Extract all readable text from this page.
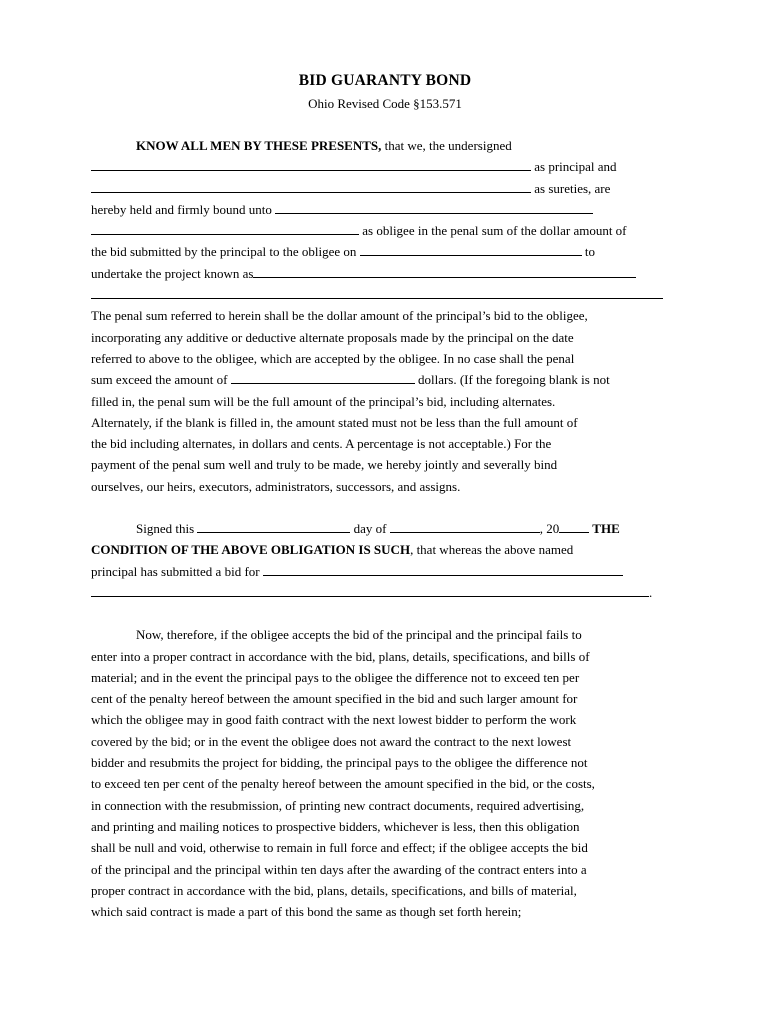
BID GUARANTY BOND

Ohio Revised Code §153.571

KNOW ALL MEN BY THESE PRESENTS, that we, the undersigned
as principal and
as sureties, are
hereby held and firmly bound unto
as obligee in the penal sum of the dollar amount of
the bid submitted by the principal to the obligee on	to
undertake the project known as
The penal sum referred to herein shall be the dollar amount of the principal’s bid to the obligee,
incorporating any additive or deductive alternate proposals made by the principal on the date
referred to above to the obligee, which are accepted by the obligee. In no case shall the penal
sum exceed the amount of	dollars. (If the foregoing blank is not
filled in, the penal sum will be the full amount of the principal’s bid, including alternates.
Alternately, if the blank is filled in, the amount stated must not be less than the full amount of
the bid including alternates, in dollars and cents. A percentage is not acceptable.) For the
payment of the penal sum well and truly to be made, we hereby jointly and severally bind
ourselves, our heirs, executors, administrators, successors, and assigns.
Signed this	day of	, 20 THE
CONDITION OF THE ABOVE OBLIGATION IS SUCH, that whereas the above named
principal has submitted a bid for
.
Now, therefore, if the obligee accepts the bid of the principal and the principal fails to
enter into a proper contract in accordance with the bid, plans, details, specifications, and bills of
material; and in the event the principal pays to the obligee the difference not to exceed ten per
cent of the penalty hereof between the amount specified in the bid and such larger amount for
which the obligee may in good faith contract with the next lowest bidder to perform the work
covered by the bid; or in the event the obligee does not award the contract to the next lowest
bidder and resubmits the project for bidding, the principal pays to the obligee the difference not
to exceed ten per cent of the penalty hereof between the amount specified in the bid, or the costs,
in connection with the resubmission, of printing new contract documents, required advertising,
and printing and mailing notices to prospective bidders, whichever is less, then this obligation
shall be null and void, otherwise to remain in full force and effect; if the obligee accepts the bid
of the principal and the principal within ten days after the awarding of the contract enters into a
proper contract in accordance with the bid, plans, details, specifications, and bills of material,
which said contract is made a part of this bond the same as though set forth herein;
